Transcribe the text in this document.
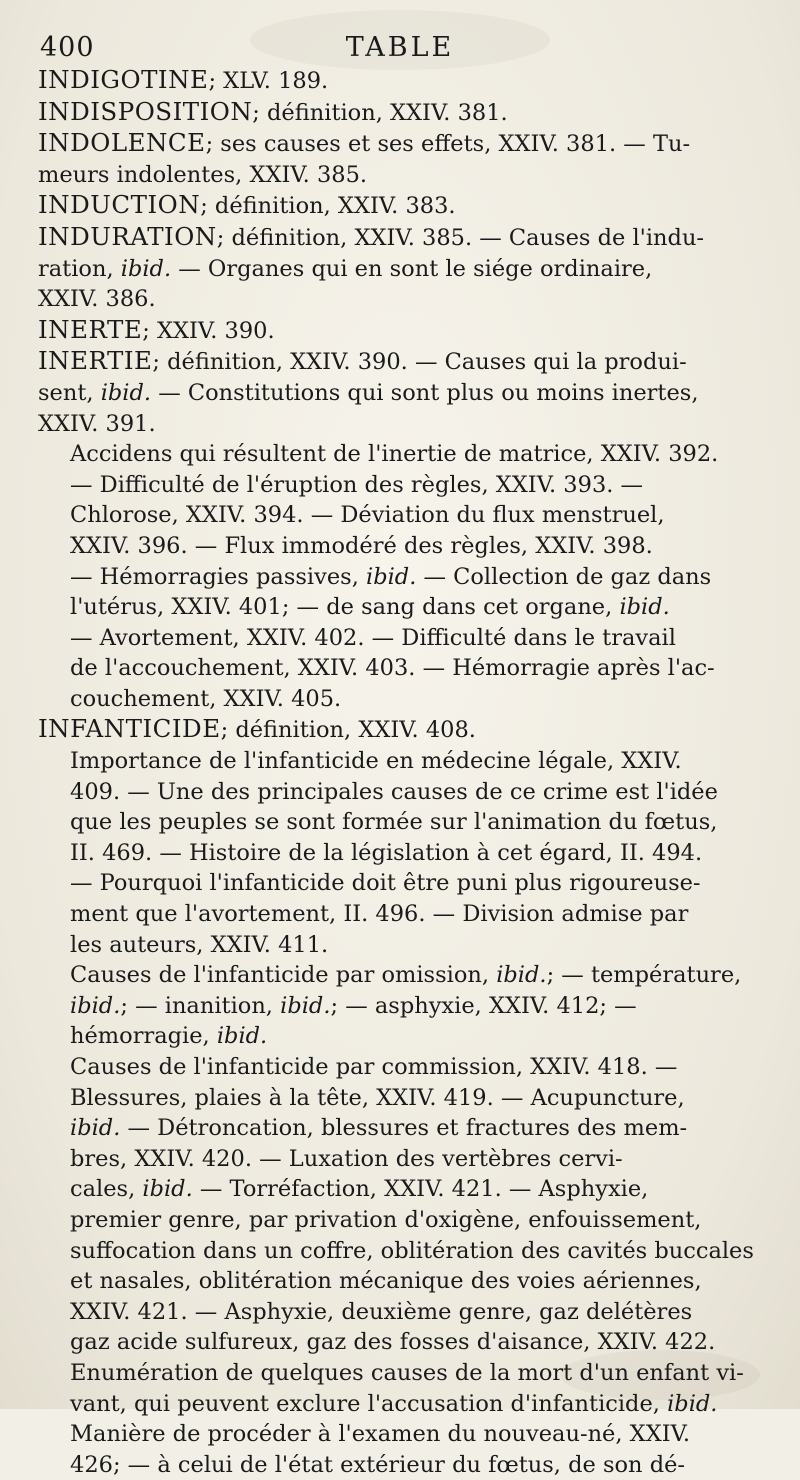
400	TABLE

INDIGOTINE; XLV. 189.

INDISPOSITION; définition, XXIV. 381.

INDOLENCE; ses causes et ses effets, XXIV. 381. — Tu-
meurs indolentes, XXIV. 385.

INDUCTION; définition, XXIV. 383.

INDURATION; définition, XXIV. 385. — Causes de l'indu-
ration, ibid. — Organes qui en sont le siége ordinaire,
XXIV. 386.

INERTE; XXIV. 390.

INERTIE; définition, XXIV. 390. — Causes qui la produi-
sent, ibid. — Constitutions qui sont plus ou moins inertes,
XXIV. 391.

Accidens qui résultent de l'inertie de matrice, XXIV. 392.
— Difficulté de l'éruption des règles, XXIV. 393. —
Chlorose, XXIV. 394. — Déviation du flux menstruel,
XXIV. 396. — Flux immodéré des règles, XXIV. 398.
— Hémorragies passives, ibid. — Collection de gaz dans
l'utérus, XXIV. 401; — de sang dans cet organe, ibid.
— Avortement, XXIV. 402. — Difficulté dans le travail
de l'accouchement, XXIV. 403. — Hémorragie après l'ac-
couchement, XXIV. 405.

INFANTICIDE; définition, XXIV. 408.

Importance de l'infanticide en médecine légale, XXIV.
409. — Une des principales causes de ce crime est l'idée
que les peuples se sont formée sur l'animation du fœtus,
II. 469. — Histoire de la législation à cet égard, II. 494.
— Pourquoi l'infanticide doit être puni plus rigoureuse-
ment que l'avortement, II. 496. — Division admise par
les auteurs, XXIV. 411.

Causes de l'infanticide par omission, ibid.; — température,
ibid.; — inanition, ibid.; — asphyxie, XXIV. 412; —
hémorragie, ibid.

Causes de l'infanticide par commission, XXIV. 418. —
Blessures, plaies à la tête, XXIV. 419. — Acupuncture,
ibid. — Détroncation, blessures et fractures des mem-
bres, XXIV. 420. — Luxation des vertèbres cervi-
cales, ibid. — Torréfaction, XXIV. 421. — Asphyxie,
premier genre, par privation d'oxigène, enfouissement,
suffocation dans un coffre, oblitération des cavités buccales
et nasales, oblitération mécanique des voies aériennes,
XXIV. 421. — Asphyxie, deuxième genre, gaz delétères
gaz acide sulfureux, gaz des fosses d'aisance, XXIV. 422.

Enumération de quelques causes de la mort d'un enfant vi-
vant, qui peuvent exclure l'accusation d'infanticide, ibid.

Manière de procéder à l'examen du nouveau-né, XXIV.
426; — à celui de l'état extérieur du fœtus, de son dé-
